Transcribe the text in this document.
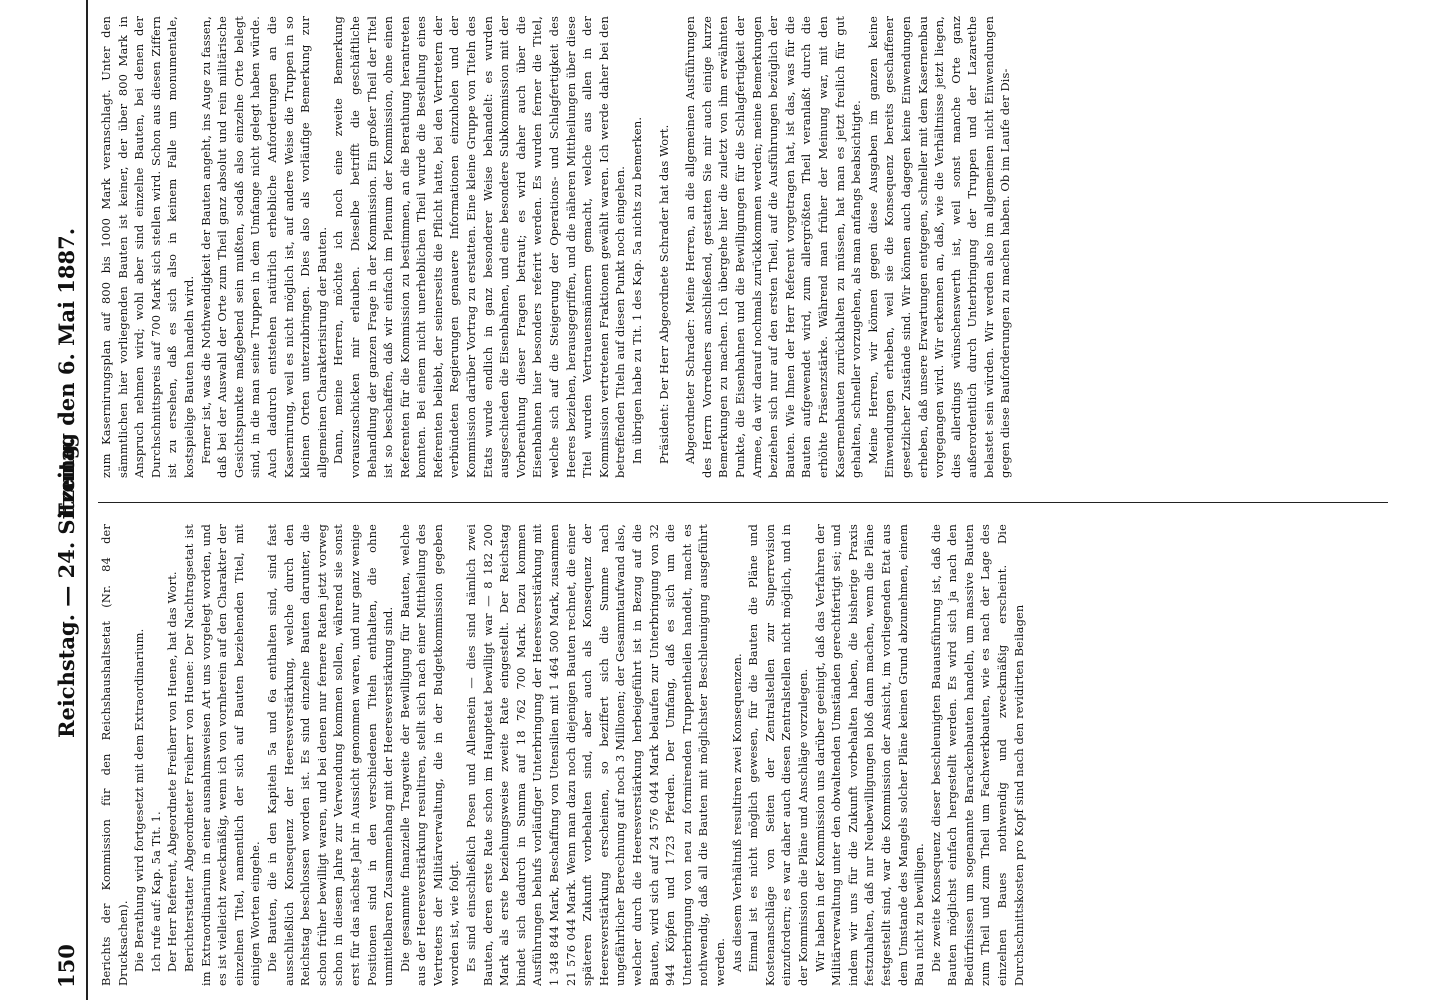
150
Reichstag. — 24. Sitzung.
Freitag den 6. Mai 1887.

Berichts der Kommission für den Reichshaushaltsetat (Nr. 84 der Drucksachen). Die Berathung wird fortgesetzt mit dem Extraordinarium. Ich rufe auf: Kap. 5a Tit. 1. Der Herr Referent, Abgeordnete Freiherr von Huene, hat das Wort. Berichterstatter Abgeordneter Freiherr von Huene: Der Nachtragsetat ist im Extraordinarium in einer ausnahmsweisen Art uns vorgelegt worden, und es ist vielleicht zweckmäßig, wenn ich von vornherein auf den Charakter der einzelnen Titel, namentlich der sich auf Bauten beziehenden Titel, mit einigen Worten eingehe. Die Bauten, die in den Kapiteln 5a und 6a enthalten sind, sind fast ausschließlich Konsequenz der Heeresverstärkung, welche durch den Reichstag beschlossen worden ist. Es sind einzelne Bauten darunter, die schon früher bewilligt waren, und bei denen nur fernere Raten jetzt vorweg schon in diesem Jahre zur Verwendung kommen sollen, während sie sonst erst für das nächste Jahr in Aussicht genommen waren, und nur ganz wenige Positionen sind in den verschiedenen Titeln enthalten, die ohne unmittelbaren Zusammenhang mit der Heeresverstärkung sind. Die gesammte finanzielle Tragweite der Bewilligung für Bauten, welche aus der Heeresverstärkung resultiren, stellt sich nach einer Mittheilung des Vertreters der Militärverwaltung, die in der Budgetkommission gegeben worden ist, wie folgt. Es sind einschließlich Posen und Allenstein — dies sind nämlich zwei Bauten, deren erste Rate schon im Hauptetat bewilligt war — 8 182 200 Mark als erste beziehungsweise zweite Rate eingestellt. Der Reichstag bindet sich dadurch in Summa auf 18 762 700 Mark. Dazu kommen Ausführungen behufs vorläufiger Unterbringung der Heeresverstärkung mit 1 348 844 Mark, Beschaffung von Utensilien mit 1 464 500 Mark, zusammen 21 576 044 Mark. Wenn man dazu noch diejenigen Bauten rechnet, die einer späteren Zukunft vorbehalten sind, aber auch als Konsequenz der Heeresverstärkung erscheinen, so beziffert sich die Summe nach ungefährlicher Berechnung auf noch 3 Millionen; der Gesammtaufwand also, welcher durch die Heeresverstärkung herbeigeführt ist in Bezug auf die Bauten, wird sich auf 24 576 044 Mark belaufen zur Unterbringung von 32 944 Köpfen und 1723 Pferden. Der Umfang, daß es sich um die Unterbringung von neu zu formirenden Truppentheilen handelt, macht es nothwendig, daß all die Bauten mit möglichster Beschleunigung ausgeführt werden. Aus diesem Verhältniß resultiren zwei Konsequenzen. Einmal ist es nicht möglich gewesen, für die Bauten die Pläne und Kostenanschläge von Seiten der Zentralstellen zur Superrevision einzufordern; es war daher auch diesen Zentralstellen nicht möglich, und in der Kommission die Pläne und Anschläge vorzulegen. Wir haben in der Kommission uns darüber geeinigt, daß das Verfahren der Militärverwaltung unter den obwaltenden Umständen gerechtfertigt sei; und indem wir uns für die Zukunft vorbehalten haben, die bisherige Praxis festzuhalten, daß nur Neubewilligungen bloß dann machen, wenn die Pläne festgestellt sind, war die Kommission der Ansicht, im vorliegenden Etat aus dem Umstande des Mangels solcher Pläne keinen Grund abzunehmen, einem Bau nicht zu bewilligen. Die zweite Konsequenz dieser beschleunigten Bauausführung ist, daß die Bauten möglichst einfach hergestellt werden. Es wird sich ja nach den Bedürfnissen um sogenannte Barackenbauten handeln, um massive Bauten zum Theil und zum Theil um Fachwerkbauten, wie es nach der Lage des einzelnen Baues nothwendig und zweckmäßig erscheint. Die Durchschnittskosten pro Kopf sind nach den revidirten Beilagen

zum Kasernirungsplan auf 800 bis 1000 Mark veranschlagt. Unter den sämmtlichen hier vorliegenden Bauten ist keiner, der über 800 Mark in Anspruch nehmen wird; wohl aber sind einzelne Bauten, bei denen der Durchschnittspreis auf 700 Mark sich stellen wird. Schon aus diesen Ziffern ist zu ersehen, daß es sich also in keinem Falle um monumentale, kostspielige Bauten handeln wird. Ferner ist, was die Nothwendigkeit der Bauten angeht, ins Auge zu fassen, daß bei der Auswahl der Orte zum Theil ganz absolut und rein militärische Gesichtspunkte maßgebend sein mußten, sodaß also einzelne Orte belegt sind, in die man seine Truppen in dem Umfange nicht gelegt haben würde. Auch dadurch entstehen natürlich erhebliche Anforderungen an die Kasernirung, weil es nicht möglich ist, auf andere Weise die Truppen in so kleinen Orten unterzubringen. Dies also als vorläufige Bemerkung zur allgemeinen Charakterisirung der Bauten. Dann, meine Herren, möchte ich noch eine zweite Bemerkung vorauszuschicken mir erlauben. Dieselbe betrifft die geschäftliche Behandlung der ganzen Frage in der Kommission. Ein großer Theil der Titel ist so beschaffen, daß wir einfach im Plenum der Kommission, ohne einen Referenten für die Kommission zu bestimmen, an die Berathung herantreten konnten. Bei einem nicht unerheblichen Theil wurde die Bestellung eines Referenten beliebt, der seinerseits die Pflicht hatte, bei den Vertretern der verbündeten Regierungen genauere Informationen einzuholen und der Kommission darüber Vortrag zu erstatten. Eine kleine Gruppe von Titeln des Etats wurde endlich in ganz besonderer Weise behandelt: es wurden ausgeschieden die Eisenbahnen, und eine besondere Subkommission mit der Vorberathung dieser Fragen betraut; es wird daher auch über die Eisenbahnen hier besonders referirt werden. Es wurden ferner die Titel, welche sich auf die Steigerung der Operations- und Schlagfertigkeit des Heeres beziehen, herausgegriffen, und die näheren Mittheilungen über diese Titel wurden Vertrauensmännern gemacht, welche aus allen in der Kommission vertretenen Fraktionen gewählt waren. Ich werde daher bei den betreffenden Titeln auf diesen Punkt noch eingehen. Im übrigen habe zu Tit. 1 des Kap. 5a nichts zu bemerken. Präsident: Der Herr Abgeordnete Schrader hat das Wort. Abgeordneter Schrader: Meine Herren, an die allgemeinen Ausführungen des Herrn Vorredners anschließend, gestatten Sie mir auch einige kurze Bemerkungen zu machen. Ich übergehe hier die zuletzt von ihm erwähnten Punkte, die Eisenbahnen und die Bewilligungen für die Schlagfertigkeit der Armee, da wir darauf nochmals zurückkommen werden; meine Bemerkungen beziehen sich nur auf den ersten Theil, auf die Ausführungen bezüglich der Bauten. Wie Ihnen der Herr Referent vorgetragen hat, ist das, was für die Bauten aufgewendet wird, zum allergrößten Theil veranlaßt durch die erhöhte Präsenzstärke. Während man früher der Meinung war, mit den Kasernenbauten zurückhalten zu müssen, hat man es jetzt freilich für gut gehalten, schneller vorzugehen, als man anfangs beabsichtigte. Meine Herren, wir können gegen diese Ausgaben im ganzen keine Einwendungen erheben, weil sie die Konsequenz bereits geschaffener gesetzlicher Zustände sind. Wir können auch dagegen keine Einwendungen erheben, daß unsere Erwartungen entgegen, schneller mit dem Kasernenbau vorgegangen wird. Wir erkennen an, daß, wie die Verhältnisse jetzt liegen, dies allerdings wünschenswerth ist, weil sonst manche Orte ganz außerordentlich durch Unterbringung der Truppen und der Lazarethe belastet sein würden. Wir werden also im allgemeinen nicht Einwendungen gegen diese Bauforderungen zu machen haben. Ob im Laufe der Dis-
